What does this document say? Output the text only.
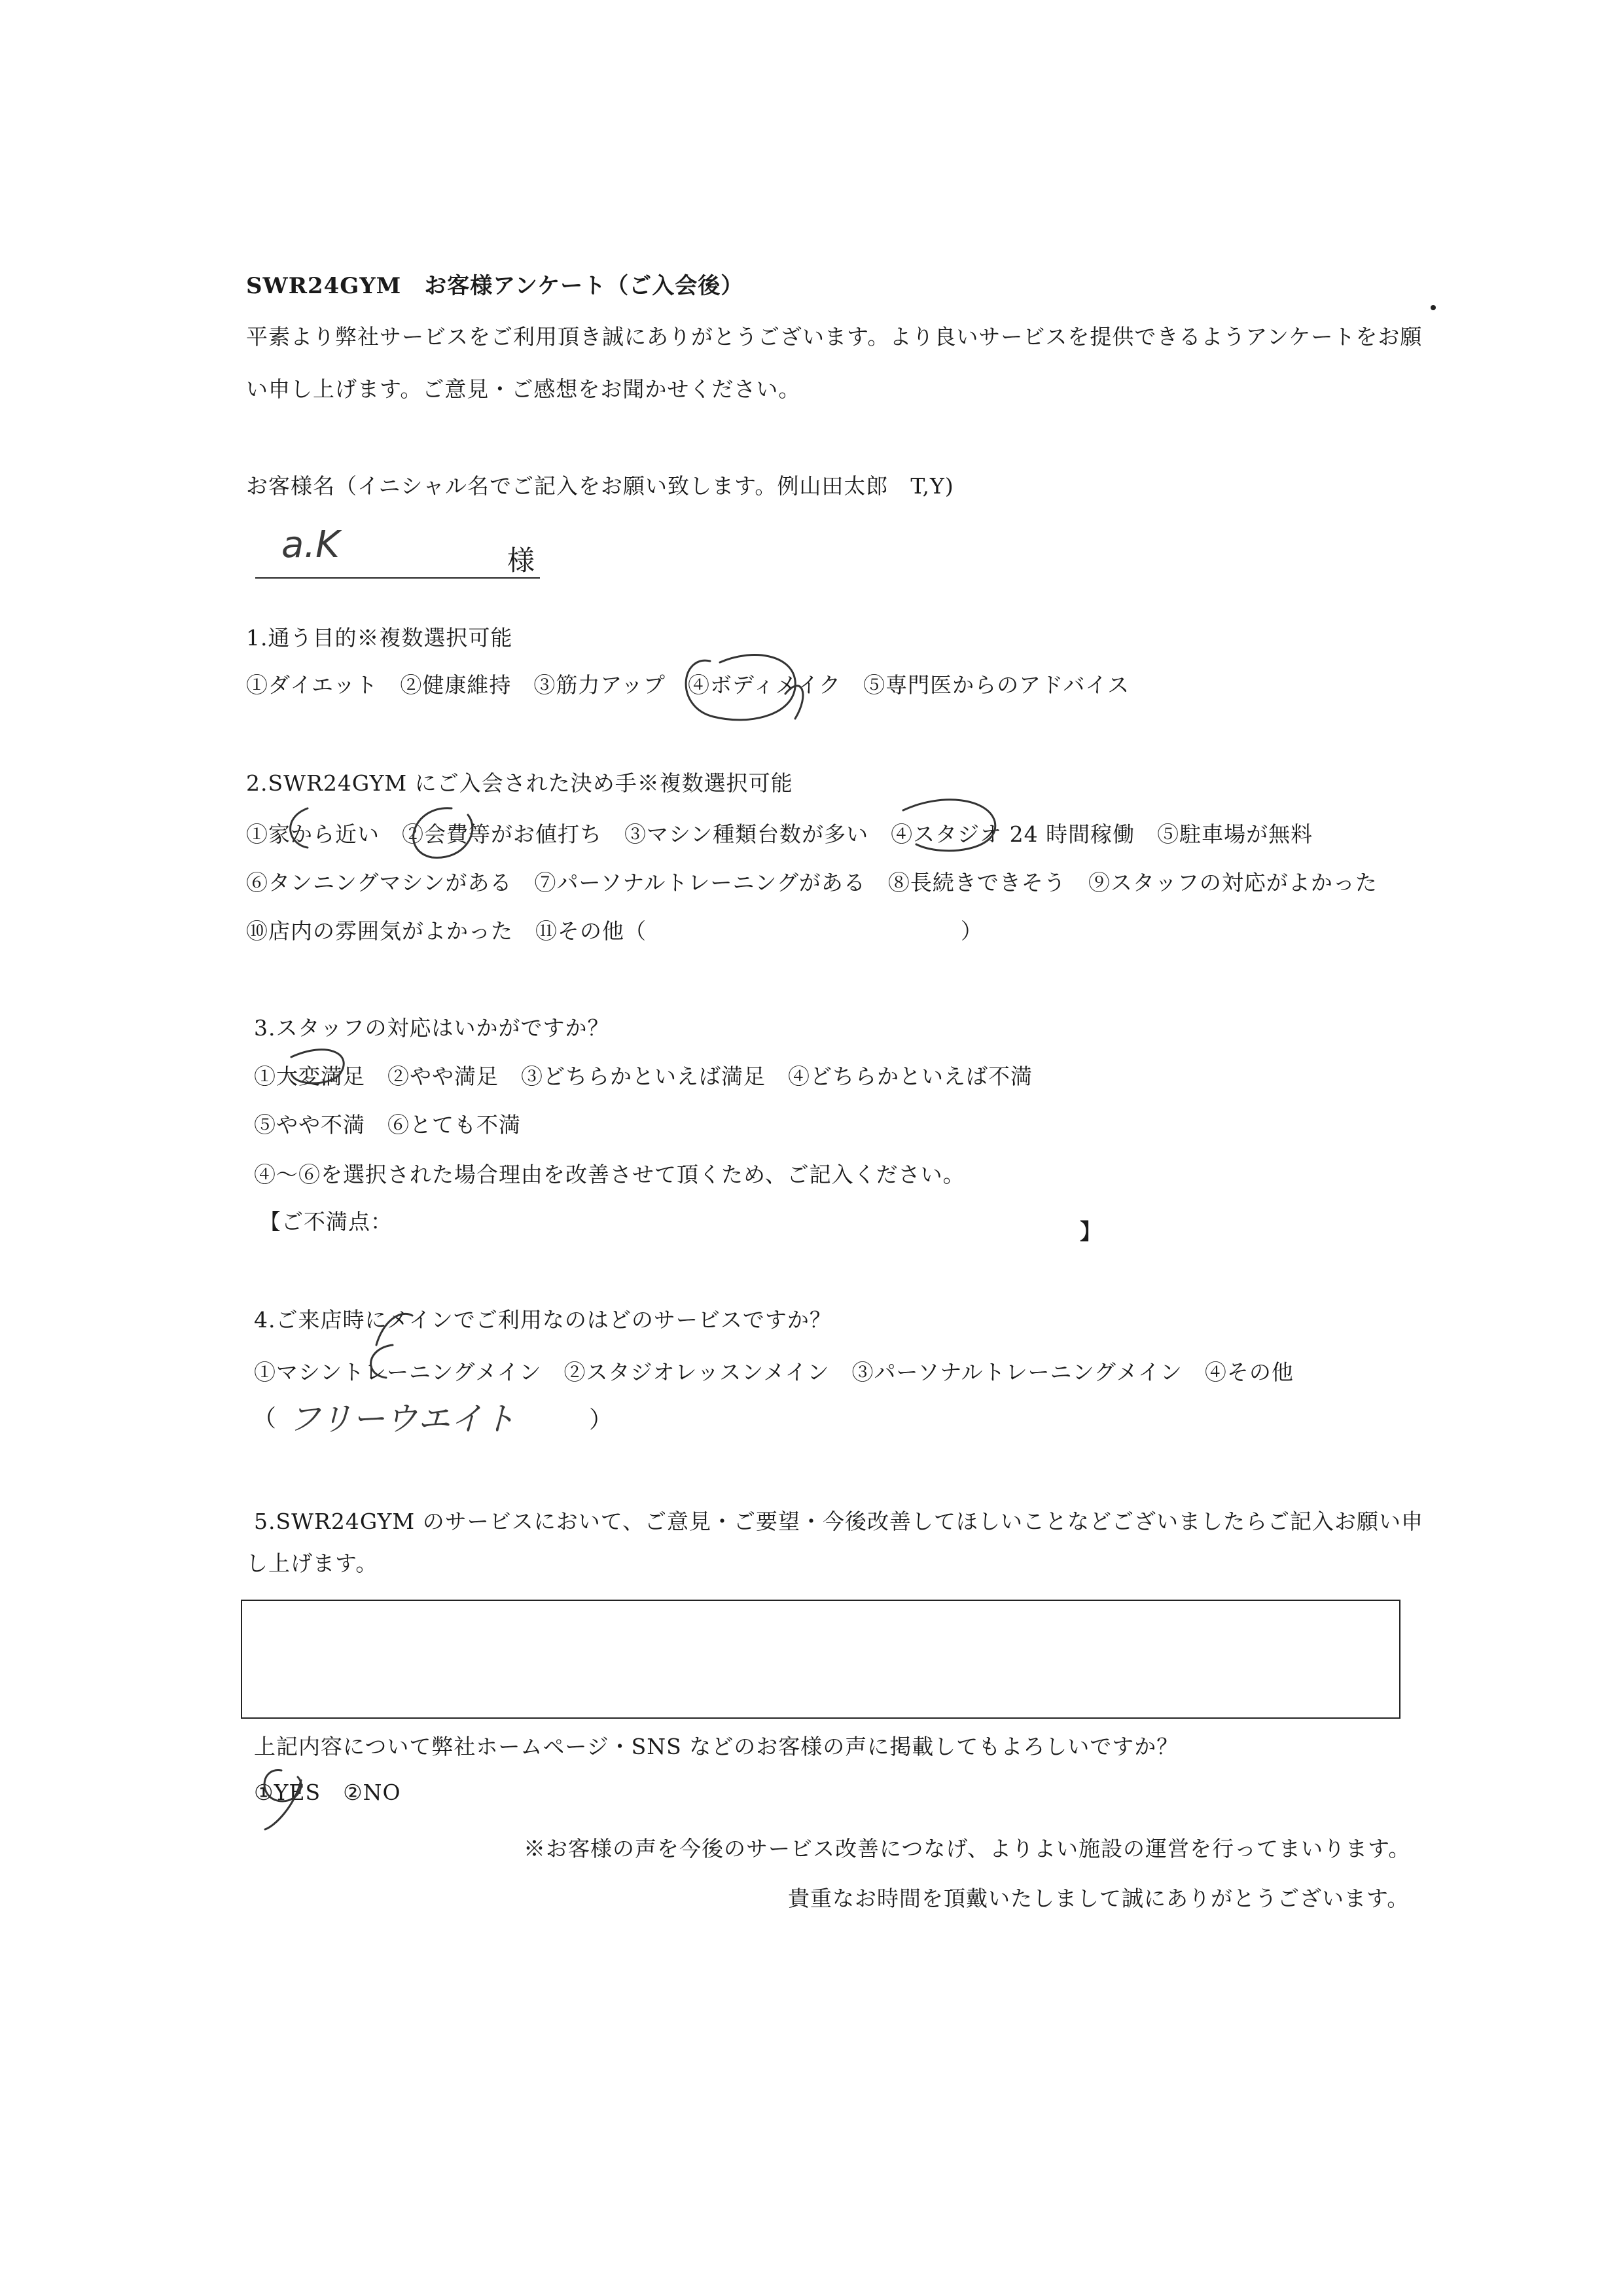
SWR24GYM　お客様アンケート（ご入会後）
平素より弊社サービスをご利用頂き誠にありがとうございます。より良いサービスを提供できるようアンケートをお願
い申し上げます。ご意見・ご感想をお聞かせください。
お客様名（イニシャル名でご記入をお願い致します。例山田太郎　T,Y)
a.K	様
1.通う目的※複数選択可能
①ダイエット　②健康維持　③筋力アップ　④ボディメイク　⑤専門医からのアドバイス
2.SWR24GYM にご入会された決め手※複数選択可能
①家から近い　②会費等がお値打ち　③マシン種類台数が多い　④スタジオ 24 時間稼働　⑤駐車場が無料
⑥タンニングマシンがある　⑦パーソナルトレーニングがある　⑧長続きできそう　⑨スタッフの対応がよかった
⑩店内の雰囲気がよかった　⑪その他（	）
3.スタッフの対応はいかがですか？
①大変満足　②やや満足　③どちらかといえば満足　④どちらかといえば不満
⑤やや不満　⑥とても不満
④〜⑥を選択された場合理由を改善させて頂くため、ご記入ください。
【ご不満点：	】
4.ご来店時にメインでご利用なのはどのサービスですか？
①マシントレーニングメイン　②スタジオレッスンメイン　③パーソナルトレーニングメイン　④その他
（ フリーウエイト	）
5.SWR24GYM のサービスにおいて、ご意見・ご要望・今後改善してほしいことなどございましたらご記入お願い申
し上げます。
上記内容について弊社ホームページ・SNS などのお客様の声に掲載してもよろしいですか？
①YES　②NO
※お客様の声を今後のサービス改善につなげ、よりよい施設の運営を行ってまいります。
貴重なお時間を頂戴いたしまして誠にありがとうございます。
